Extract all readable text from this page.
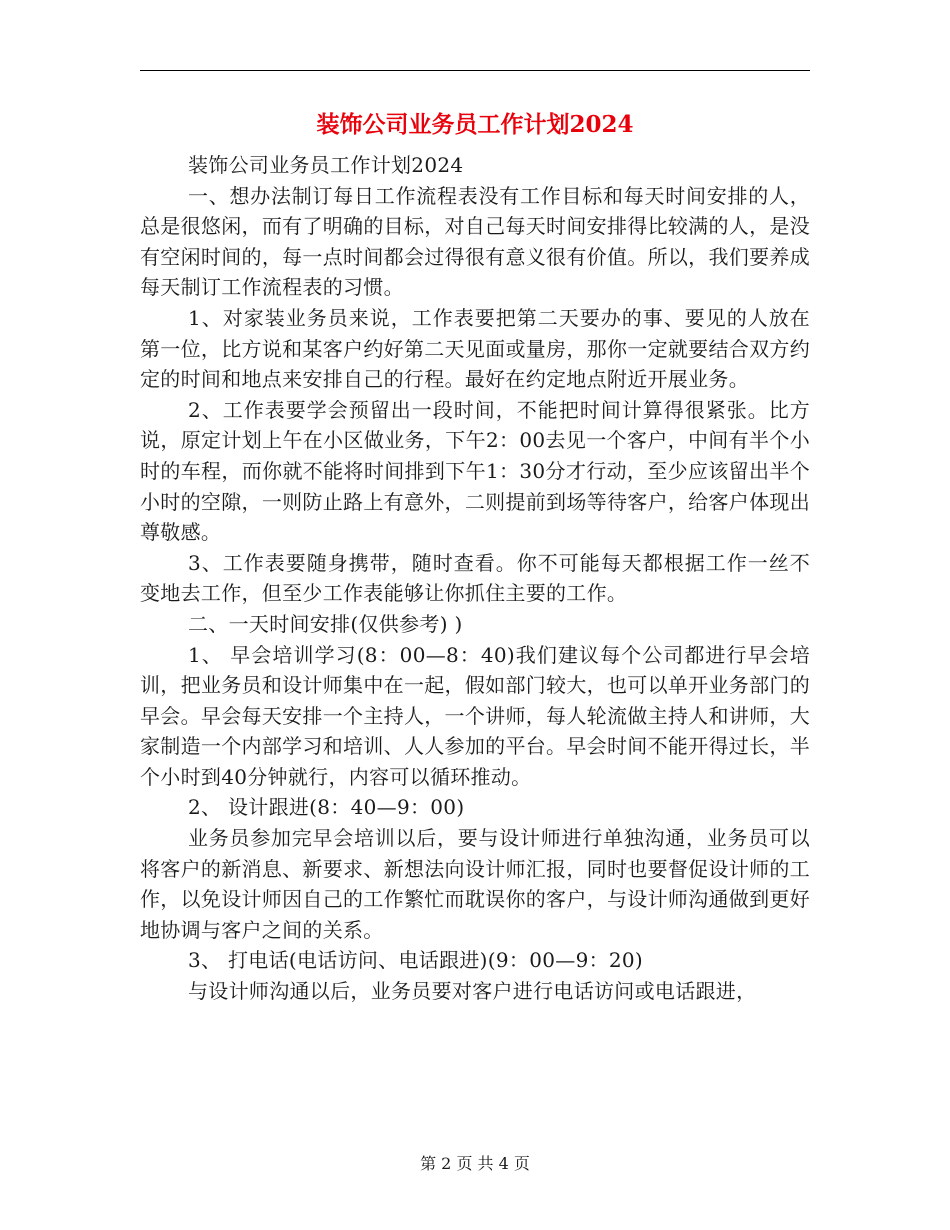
装饰公司业务员工作计划2024

装饰公司业务员工作计划2024

一、想办法制订每日工作流程表没有工作目标和每天时间安排的人，总是很悠闲，而有了明确的目标，对自己每天时间安排得比较满的人，是没有空闲时间的，每一点时间都会过得很有意义很有价值。所以，我们要养成每天制订工作流程表的习惯。

1、对家装业务员来说，工作表要把第二天要办的事、要见的人放在第一位，比方说和某客户约好第二天见面或量房，那你一定就要结合双方约定的时间和地点来安排自己的行程。最好在约定地点附近开展业务。

2、工作表要学会预留出一段时间，不能把时间计算得很紧张。比方说，原定计划上午在小区做业务，下午2：00去见一个客户，中间有半个小时的车程，而你就不能将时间排到下午1：30分才行动，至少应该留出半个小时的空隙，一则防止路上有意外，二则提前到场等待客户，给客户体现出尊敬感。

3、工作表要随身携带，随时查看。你不可能每天都根据工作一丝不变地去工作，但至少工作表能够让你抓住主要的工作。

二、一天时间安排(仅供参考) )

1、 早会培训学习(8：00—8：40)我们建议每个公司都进行早会培训，把业务员和设计师集中在一起，假如部门较大，也可以单开业务部门的早会。早会每天安排一个主持人，一个讲师，每人轮流做主持人和讲师，大家制造一个内部学习和培训、人人参加的平台。早会时间不能开得过长，半个小时到40分钟就行，内容可以循环推动。

2、 设计跟进(8：40—9：00)

业务员参加完早会培训以后，要与设计师进行单独沟通，业务员可以将客户的新消息、新要求、新想法向设计师汇报，同时也要督促设计师的工作，以免设计师因自己的工作繁忙而耽误你的客户，与设计师沟通做到更好地协调与客户之间的关系。

3、 打电话(电话访问、电话跟进)(9：00—9：20)

与设计师沟通以后，业务员要对客户进行电话访问或电话跟进，

第 2 页 共 4 页
